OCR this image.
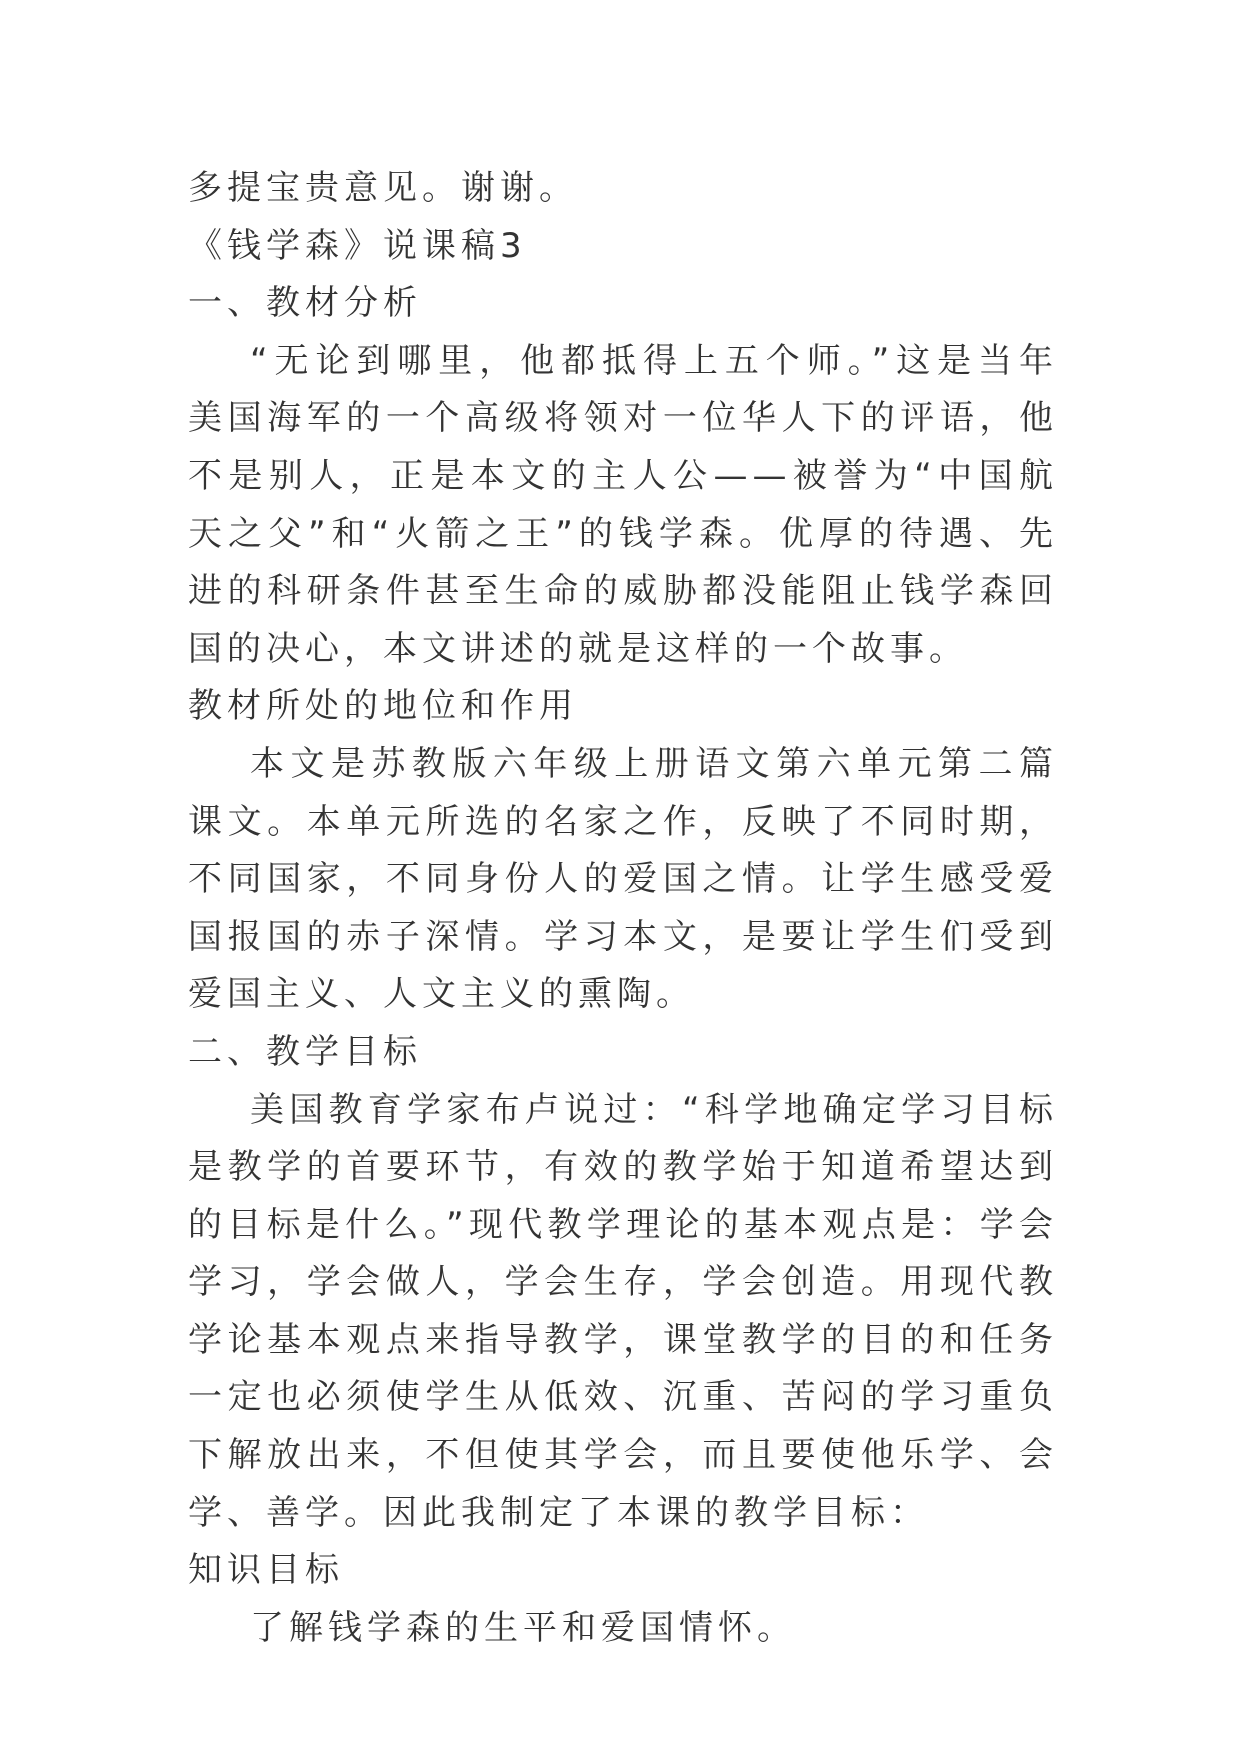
多提宝贵意见。谢谢。

《钱学森》说课稿3

一、教材分析

“无论到哪里，他都抵得上五个师。”这是当年美国海军的一个高级将领对一位华人下的评语，他不是别人，正是本文的主人公——被誉为“中国航天之父”和“火箭之王”的钱学森。优厚的待遇、先进的科研条件甚至生命的威胁都没能阻止钱学森回国的决心，本文讲述的就是这样的一个故事。

教材所处的地位和作用

本文是苏教版六年级上册语文第六单元第二篇课文。本单元所选的名家之作，反映了不同时期，不同国家，不同身份人的爱国之情。让学生感受爱国报国的赤子深情。学习本文，是要让学生们受到爱国主义、人文主义的熏陶。

二、教学目标

美国教育学家布卢说过：“科学地确定学习目标是教学的首要环节，有效的教学始于知道希望达到的目标是什么。”现代教学理论的基本观点是：学会学习，学会做人，学会生存，学会创造。用现代教学论基本观点来指导教学，课堂教学的目的和任务一定也必须使学生从低效、沉重、苦闷的学习重负下解放出来，不但使其学会，而且要使他乐学、会学、善学。因此我制定了本课的教学目标：

知识目标

了解钱学森的生平和爱国情怀。
